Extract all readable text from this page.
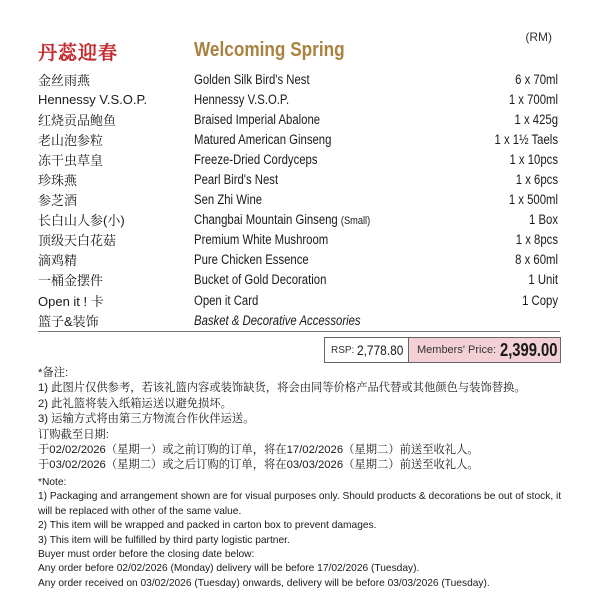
(RM)
丹蕊迎春	Welcoming Spring
金丝雨燕	Golden Silk Bird's Nest	6 x 70ml
Hennessy V.S.O.P.	Hennessy V.S.O.P.	1 x 700ml
红烧贡品鲍鱼	Braised Imperial Abalone	1 x 425g
老山泡参粒	Matured American Ginseng	1 x 1½ Taels
冻干虫草皇	Freeze-Dried Cordyceps	1 x 10pcs
珍珠燕	Pearl Bird's Nest	1 x 6pcs
参芝酒	Sen Zhi Wine	1 x 500ml
长白山人参(小)	Changbai Mountain Ginseng (Small)	1 Box
顶级天白花菇	Premium White Mushroom	1 x 8pcs
滴鸡精	Pure Chicken Essence	8 x 60ml
一桶金摆件	Bucket of Gold Decoration	1 Unit
Open it ! 卡	Open it Card	1 Copy
篮子&装饰	Basket & Decorative Accessories
RSP: 2,778.80 Members' Price: 2,399.00
*备注:
1) 此图片仅供参考，若该礼篮内容或装饰缺货，将会由同等价格产品代替或其他颜色与装饰替换。
2) 此礼篮将装入纸箱运送以避免损坏。
3) 运输方式将由第三方物流合作伙伴运送。
订购截至日期:
于02/02/2026（星期一）或之前订购的订单，将在17/02/2026（星期二）前送至收礼人。
于03/02/2026（星期二）或之后订购的订单，将在03/03/2026（星期二）前送至收礼人。
*Note:
1) Packaging and arrangement shown are for visual purposes only. Should products & decorations be out of stock, it will be replaced with other of the same value.
2) This item will be wrapped and packed in carton box to prevent damages.
3) This item will be fulfilled by third party logistic partner.
Buyer must order before the closing date below:
Any order before 02/02/2026 (Monday) delivery will be before 17/02/2026 (Tuesday).
Any order received on 03/02/2026 (Tuesday) onwards, delivery will be before 03/03/2026 (Tuesday).
